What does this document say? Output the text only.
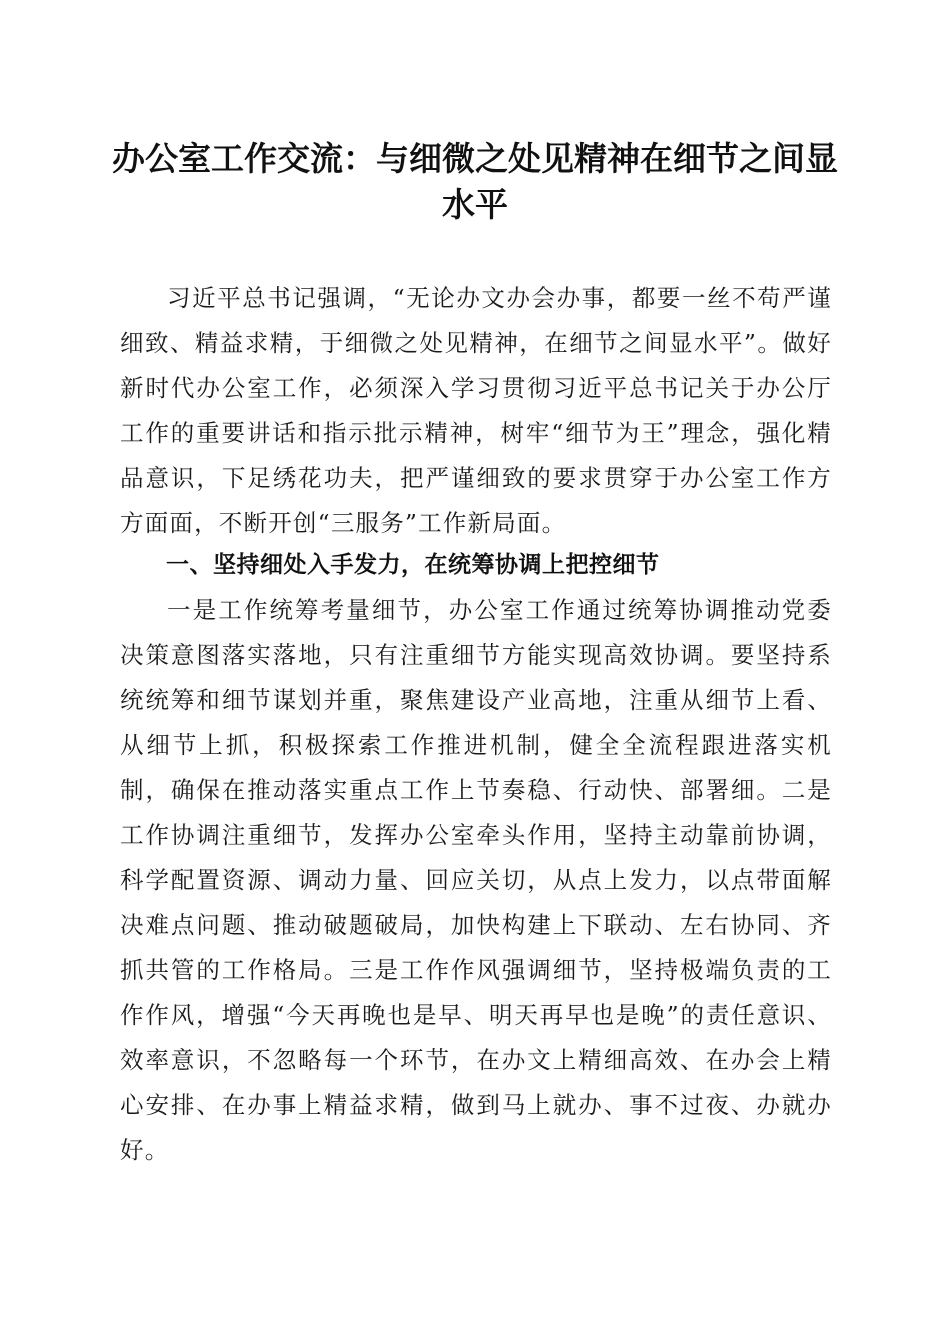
办公室工作交流：与细微之处见精神在细节之间显水平

习近平总书记强调，“无论办文办会办事，都要一丝不苟严谨细致、精益求精，于细微之处见精神，在细节之间显水平”。做好新时代办公室工作，必须深入学习贯彻习近平总书记关于办公厅工作的重要讲话和指示批示精神，树牢“细节为王”理念，强化精品意识，下足绣花功夫，把严谨细致的要求贯穿于办公室工作方方面面，不断开创“三服务”工作新局面。

一、坚持细处入手发力，在统筹协调上把控细节

一是工作统筹考量细节，办公室工作通过统筹协调推动党委决策意图落实落地，只有注重细节方能实现高效协调。要坚持系统统筹和细节谋划并重，聚焦建设产业高地，注重从细节上看、从细节上抓，积极探索工作推进机制，健全全流程跟进落实机制，确保在推动落实重点工作上节奏稳、行动快、部署细。二是工作协调注重细节，发挥办公室牵头作用，坚持主动靠前协调，科学配置资源、调动力量、回应关切，从点上发力，以点带面解决难点问题、推动破题破局，加快构建上下联动、左右协同、齐抓共管的工作格局。三是工作作风强调细节，坚持极端负责的工作作风，增强“今天再晚也是早、明天再早也是晚”的责任意识、效率意识，不忽略每一个环节，在办文上精细高效、在办会上精心安排、在办事上精益求精，做到马上就办、事不过夜、办就办好。
